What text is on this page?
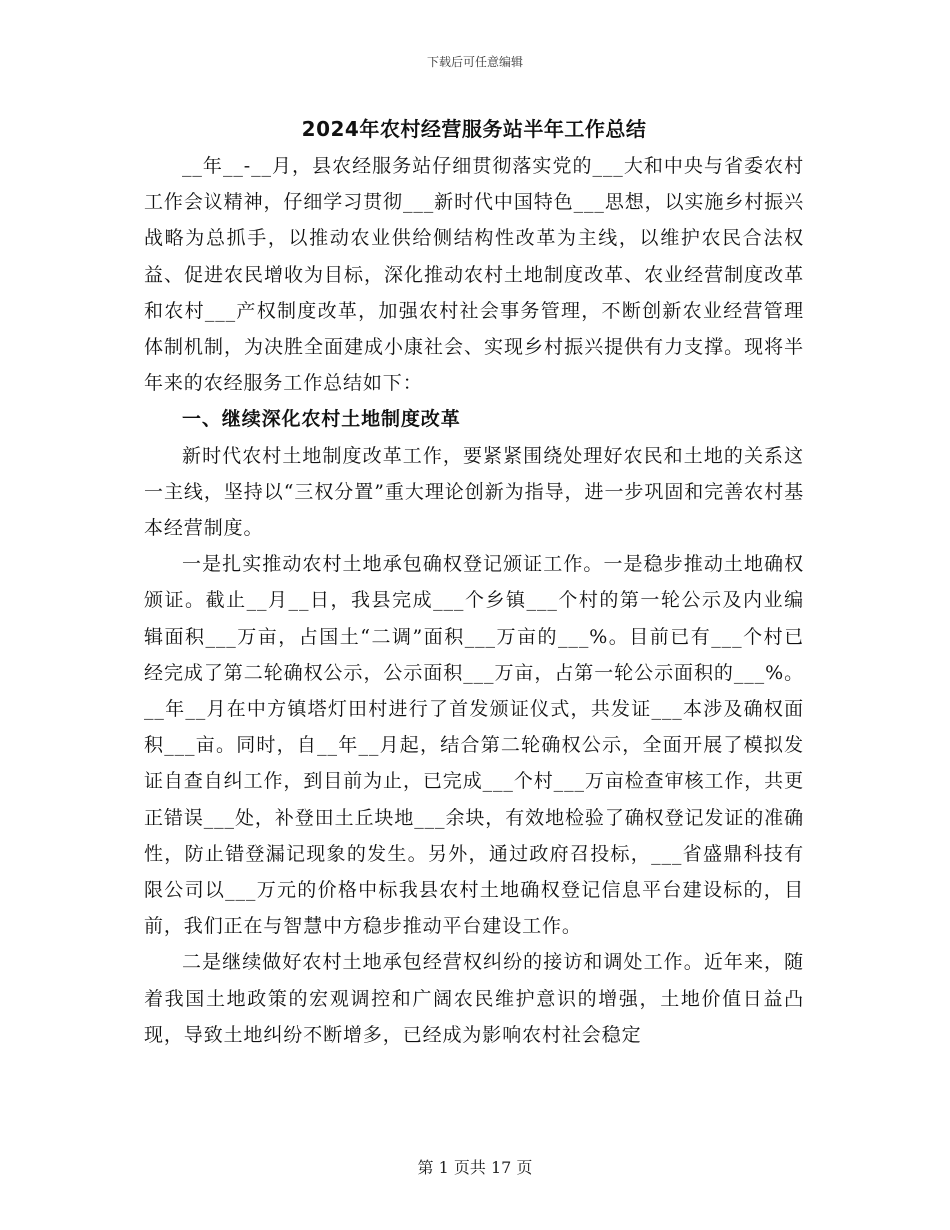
下载后可任意编辑
2024年农村经营服务站半年工作总结

__年__-__月，县农经服务站仔细贯彻落实党的___大和中央与省委农村工作会议精神，仔细学习贯彻___新时代中国特色___思想，以实施乡村振兴战略为总抓手，以推动农业供给侧结构性改革为主线，以维护农民合法权益、促进农民增收为目标，深化推动农村土地制度改革、农业经营制度改革和农村___产权制度改革，加强农村社会事务管理，不断创新农业经营管理体制机制，为决胜全面建成小康社会、实现乡村振兴提供有力支撑。现将半年来的农经服务工作总结如下：

一、继续深化农村土地制度改革

新时代农村土地制度改革工作，要紧紧围绕处理好农民和土地的关系这一主线，坚持以“三权分置”重大理论创新为指导，进一步巩固和完善农村基本经营制度。

一是扎实推动农村土地承包确权登记颁证工作。一是稳步推动土地确权颁证。截止__月__日，我县完成___个乡镇___个村的第一轮公示及内业编辑面积___万亩，占国土“二调”面积___万亩的___%。目前已有___个村已经完成了第二轮确权公示，公示面积___万亩，占第一轮公示面积的___%。__年__月在中方镇塔灯田村进行了首发颁证仪式，共发证___本涉及确权面积___亩。同时，自__年__月起，结合第二轮确权公示，全面开展了模拟发证自查自纠工作，到目前为止，已完成___个村___万亩检查审核工作，共更正错误___处，补登田土丘块地___余块，有效地检验了确权登记发证的准确性，防止错登漏记现象的发生。另外，通过政府召投标，___省盛鼎科技有限公司以___万元的价格中标我县农村土地确权登记信息平台建设标的，目前，我们正在与智慧中方稳步推动平台建设工作。

二是继续做好农村土地承包经营权纠纷的接访和调处工作。近年来，随着我国土地政策的宏观调控和广阔农民维护意识的增强，土地价值日益凸现，导致土地纠纷不断增多，已经成为影响农村社会稳定

第 1 页共 17 页
